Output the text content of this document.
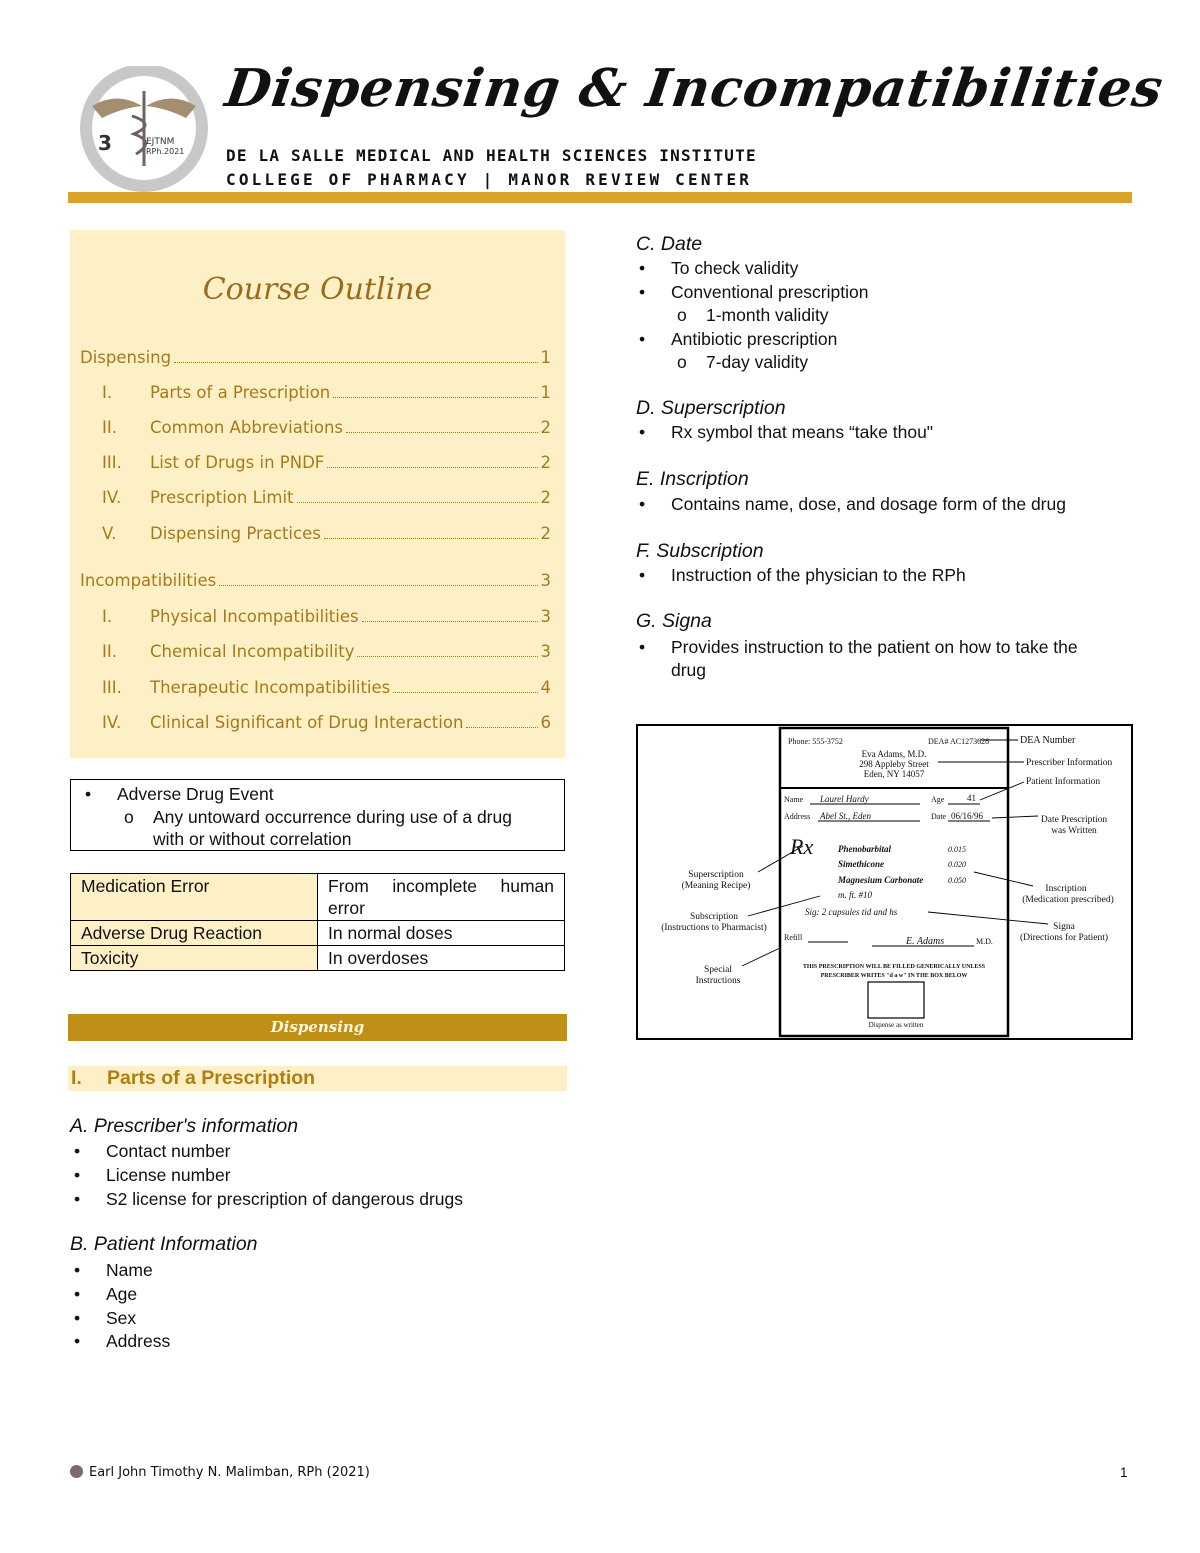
3	EJTNM
RPh.2021
Dispensing & Incompatibilities
DE LA SALLE MEDICAL AND HEALTH SCIENCES INSTITUTE
COLLEGE OF PHARMACY | MANOR REVIEW CENTER
Course Outline
Dispensing	1
I.	Parts of a Prescription	1
II.	Common Abbreviations	2
III.	List of Drugs in PNDF	2
IV.	Prescription Limit	2
V.	Dispensing Practices	2
Incompatibilities	3
I.	Physical Incompatibilities	3
II.	Chemical Incompatibility	3
III.	Therapeutic Incompatibilities	4
IV.	Clinical Significant of Drug Interaction	6
• Adverse Drug Event
o Any untoward occurrence during use of a drug
with or without correlation
Medication Error	From incomplete human
error

Adverse Drug Reaction	In normal doses

Toxicity	In overdoses
Dispensing
I. Parts of a Prescription
A. Prescriber's information
• Contact number
• License number
• S2 license for prescription of dangerous drugs
B. Patient Information
• Name
• Age
• Sex
• Address
C. Date
• To check validity
• Conventional prescription
o 1-month validity
• Antibiotic prescription
o 7-day validity
D. Superscription
• Rx symbol that means “take thou"
E. Inscription
• Contains name, dose, and dosage form of the drug
F. Subscription
• Instruction of the physician to the RPh
G. Signa
• Provides instruction to the patient on how to take the
drug
Phone: 555-3752	DEA# AC1273628
Eva Adams, M.D.
298 Appleby Street
Eden, NY 14057
Name Laurel Hardy	Age	41
Address Abel St., Eden	Date 06/16/96
Rx	Phenobarbital	0.015
Simethicone	0.020
Magnesium Carbonate	0.050
m. ft. #10
Sig: 2 capsules tid and hs
Refill	E. Adams	M.D.
THIS PRESCRIPTION WILL BE FILLED GENERICALLY UNLESS
PRESCRIBER WRITES "d a w" IN THE BOX BELOW
Dispense as written
DEA Number
Prescriber Information
Patient Information
Date Prescription
was Written
Superscription
(Meaning Recipe)	Inscription
(Medication prescribed)
Subscription
(Instructions to Pharmacist)	Signa
(Directions for Patient)
Special
Instructions
Earl John Timothy N. Malimban, RPh (2021)	1
